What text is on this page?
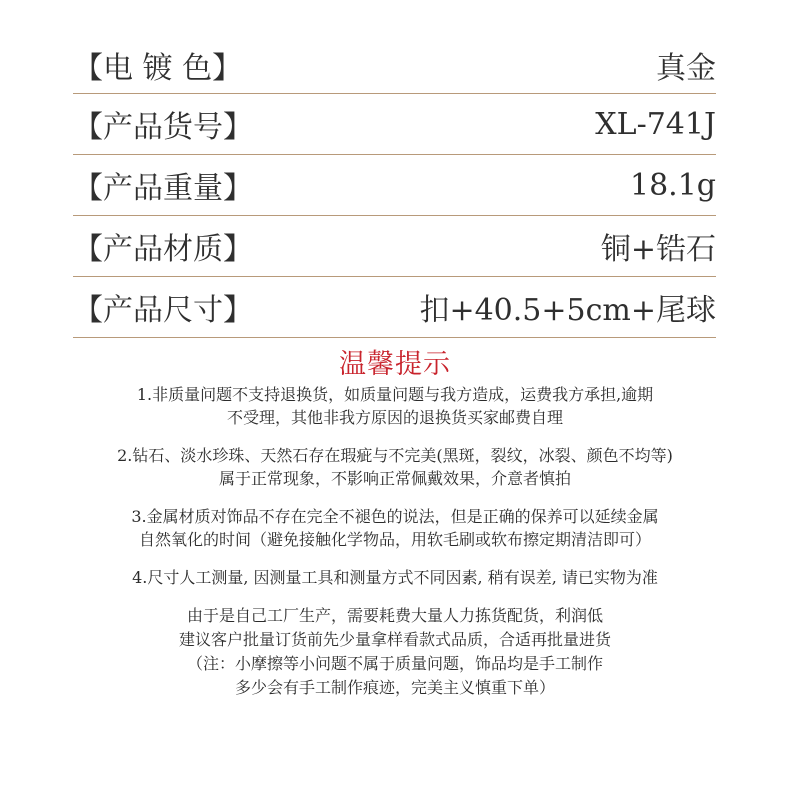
【电 镀 色】	真金
【产品货号】	XL-741J
【产品重量】	18.1g
【产品材质】	铜+锆石
【产品尺寸】	扣+40.5+5cm+尾球
温馨提示

1.非质量问题不支持退换货，如质量问题与我方造成，运费我方承担,逾期
不受理，其他非我方原因的退换货买家邮费自理

2.钻石、淡水珍珠、天然石存在瑕疵与不完美(黑斑，裂纹，冰裂、颜色不均等)
属于正常现象，不影响正常佩戴效果，介意者慎拍

3.金属材质对饰品不存在完全不褪色的说法，但是正确的保养可以延续金属
自然氧化的时间（避免接触化学物品，用软毛刷或软布擦定期清洁即可）

4.尺寸人工测量, 因测量工具和测量方式不同因素, 稍有误差, 请已实物为准

由于是自己工厂生产，需要耗费大量人力拣货配货，利润低
建议客户批量订货前先少量拿样看款式品质，合适再批量进货
（注：小摩擦等小问题不属于质量问题，饰品均是手工制作
多少会有手工制作痕迹，完美主义慎重下单）
